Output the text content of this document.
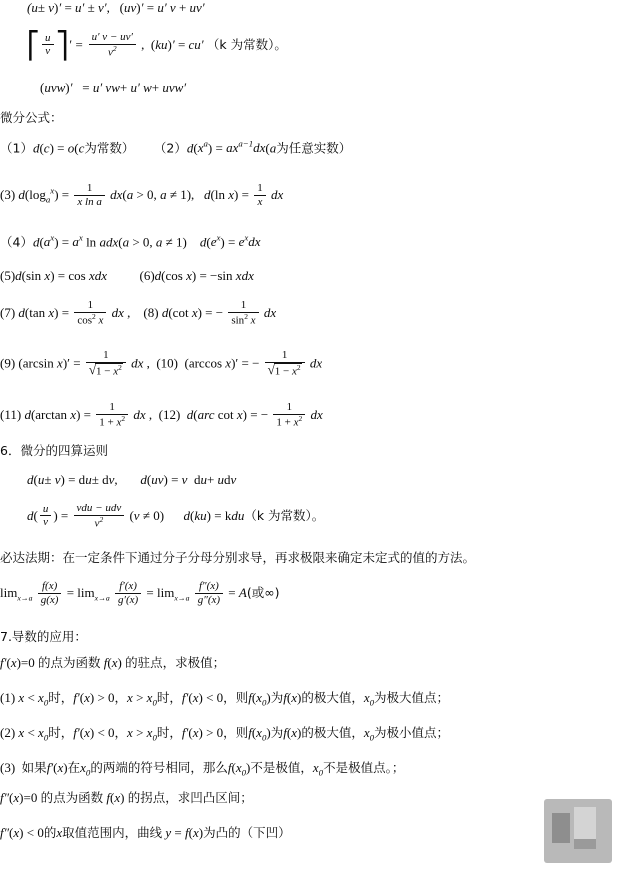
(u± v)′ = u′ ± v′,   (uv)′ = u′ v + uv′
⎡ $\frac{u}{v}$ ⎤′ = $\frac{u' v - uv'}{v^2}$ ,  (ku)′ = cu′ （k 为常数）。
(uvw)′   = u′ vw+ u′ w+ uvw′
微分公式：
（1）d(c) = o(c为常数） $(2)d(x^a) = ax^{a-1}dx(a$为任意实数）
(3) $d(\log_a^x) = \frac{1}{\text{x ln a}} dx(a > 0$, a ≠ 1),   d(ln $x) = \frac{1}{x}$ dx
$(4)d(a^x) = a^x$ ln adx(a > 0, a ≠ 1)    $d(e^x) = e^xdx$
(5)d(sin x) = cos xdx          (6)d(cos x) = −sin xdx
(7) d(tan $x) = \frac{1}{\cos^2 x}$ dx ,    (8) d(cot x) = − $\frac{1}{\sin^2 x}$ dx
(9) (arcsin $x)' = \frac{1}{√1 - x^2}$ dx ,  (10)  (arccos x)′ = − $\frac{1}{√1 - x^2}$ dx
(11) d(arctan $x) = \frac{1}{1 + x^2}$ dx ,  (12)  d(arc cot x) = − $\frac{1}{1 + x^2}$ dx
6．微分的四算运则
d(u± v) = du± dv,       d(uv) = v  du+ udv
$d( \frac{u}{v}$ ) = $\frac{\text{vdu − udv}}{v^2} (v \ne 0)$      d(ku) = kdu（k 为常数）。
必达法期：在一定条件下通过分子分母分别求导，再求极限来确定未定式的值的方法。
$\lim_{x\to a} \frac{f(x)}{g(x)} = \lim_{x\to a} \frac{f'(x)}{g'(x)} = \lim_{x\to a} \frac{f''(x)}{g''(x)} = A$(或∞)
7.导数的应用：
f′(x)=0 的点为函数 f(x) 的驻点，求极值；
(1) $x < x_0$时，f′(x) > 0，$x > x_0$时，f′(x) < 0，则$f(x_0)$为f(x)的极大值，$x_0$为极大值点；
(2) $x < x_0$时，f′(x) < 0，$x > x_0$时，f′(x) > 0，则$f(x_0)$为f(x)的极大值，$x_0$为极小值点；
(3)  如果f′(x)在$x_0$的两端的符号相同，那么$f(x_0)$不是极值，$x_0$不是极值点。；
f″(x)=0 的点为函数 f(x) 的拐点，求凹凸区间；
f″(x) < 0的x取值范围内，曲线 y = f(x)为凸的（下凹）
